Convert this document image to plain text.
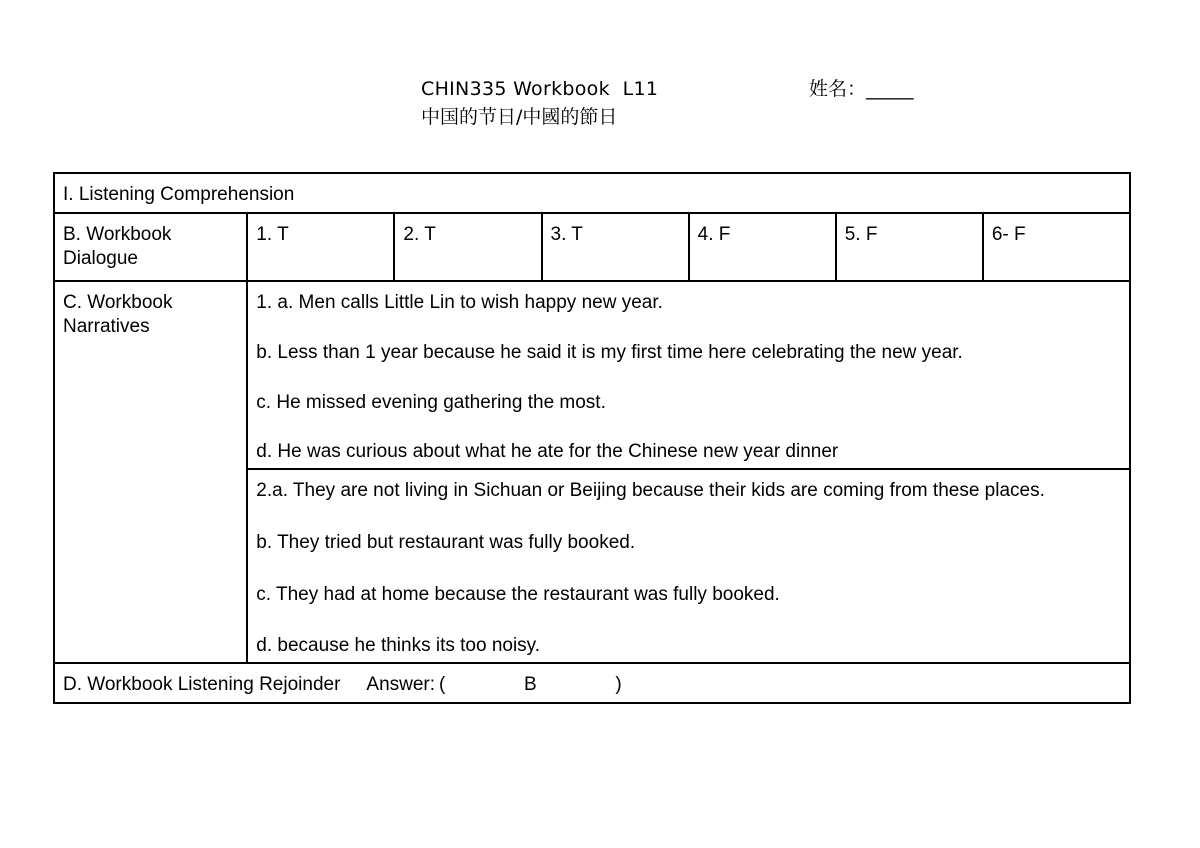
CHIN335 Workbook  L11	姓名：_____
中国的节日/中國的節日
I. Listening Comprehension						
B. Workbook Dialogue	1. T	2. T	3. T	4. F	5. F	6- F
C. Workbook Narratives	1. a. Men calls Little Lin to wish happy new year.

b. Less than 1 year because he said it is my first time here celebrating the new year.

c. He missed evening gathering the most.

d. He was curious about what he ate for the Chinese new year dinner					

	2.a. They are not living in Sichuan or Beijing because their kids are coming from these places.

b. They tried but restaurant was fully booked.

c. They had at home because the restaurant was fully booked.

d. because he thinks its too noisy.					

D. Workbook Listening Rejoinder Answer: ( B )						
